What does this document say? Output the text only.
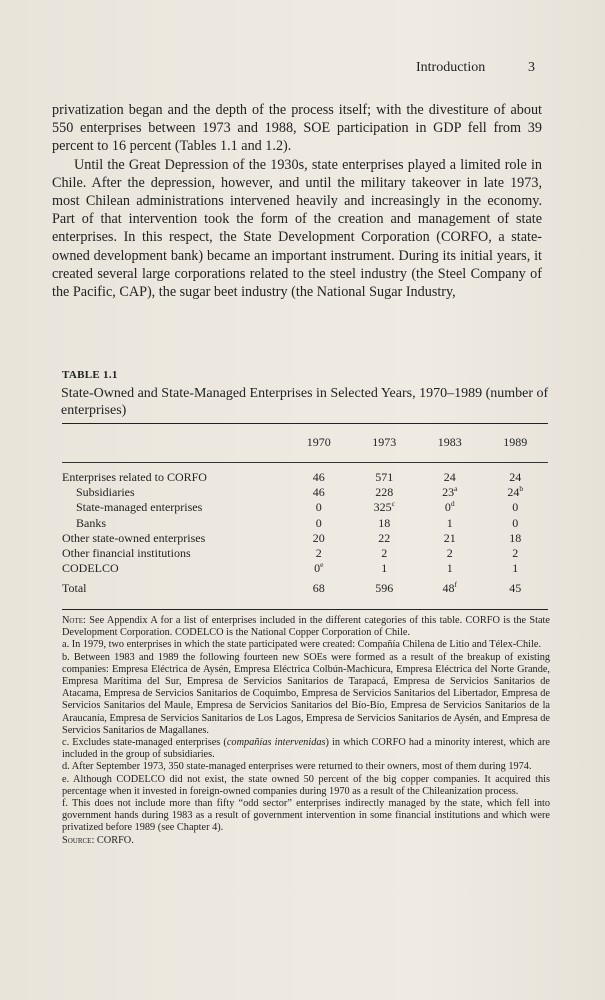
Introduction	3

privatization began and the depth of the process itself; with the divestiture of about 550 enterprises between 1973 and 1988, SOE participation in GDP fell from 39 percent to 16 percent (Tables 1.1 and 1.2).

Until the Great Depression of the 1930s, state enterprises played a limited role in Chile. After the depression, however, and until the military takeover in late 1973, most Chilean administrations intervened heavily and increasingly in the economy. Part of that intervention took the form of the creation and management of state enterprises. In this respect, the State Development Corporation (CORFO, a state-owned development bank) became an important instrument. During its initial years, it created several large corporations related to the steel industry (the Steel Company of the Pacific, CAP), the sugar beet industry (the National Sugar Industry,

TABLE 1.1
State-Owned and State-Managed Enterprises in Selected Years, 1970–1989 (number of enterprises)
	1970	1973	1983	1989

Enterprises related to CORFO	46	571	24	24
Subsidiaries	46	228	23$^a$	24$^b$
State-managed enterprises	0	325$^c$	0$^d$	0
Banks	0	18	1	0
Other state-owned enterprises	20	22	21	18
Other financial institutions	2	2	2	2
CODELCO	0e	1	1	1
Total	68	596	48$^f$	45

Note: See Appendix A for a list of enterprises included in the different categories of this table. CORFO is the State Development Corporation. CODELCO is the National Copper Corporation of Chile.

a. In 1979, two enterprises in which the state participated were created: Compañía Chilena de Litio and Télex-Chile.

b. Between 1983 and 1989 the following fourteen new SOEs were formed as a result of the breakup of existing companies: Empresa Eléctrica de Aysén, Empresa Eléctrica Colbún-Machicura, Empresa Eléctrica del Norte Grande, Empresa Marítima del Sur, Empresa de Servicios Sanitarios de Tarapacá, Empresa de Servicios Sanitarios de Atacama, Empresa de Servicios Sanitarios de Coquimbo, Empresa de Servicios Sanitarios del Libertador, Empresa de Servicios Sanitarios del Maule, Empresa de Servicios Sanitarios del Bío-Bío, Empresa de Servicios Sanitarios de la Araucanía, Empresa de Servicios Sanitarios de Los Lagos, Empresa de Servicios Sanitarios de Aysén, and Empresa de Servicios Sanitarios de Magallanes.

c. Excludes state-managed enterprises (compañías intervenidas) in which CORFO had a minority interest, which are included in the group of subsidiaries.

d. After September 1973, 350 state-managed enterprises were returned to their owners, most of them during 1974.

e. Although CODELCO did not exist, the state owned 50 percent of the big copper companies. It acquired this percentage when it invested in foreign-owned companies during 1970 as a result of the Chileanization process.

f. This does not include more than fifty “odd sector” enterprises indirectly managed by the state, which fell into government hands during 1983 as a result of government intervention in some financial institutions and which were privatized before 1989 (see Chapter 4).

Source: CORFO.
